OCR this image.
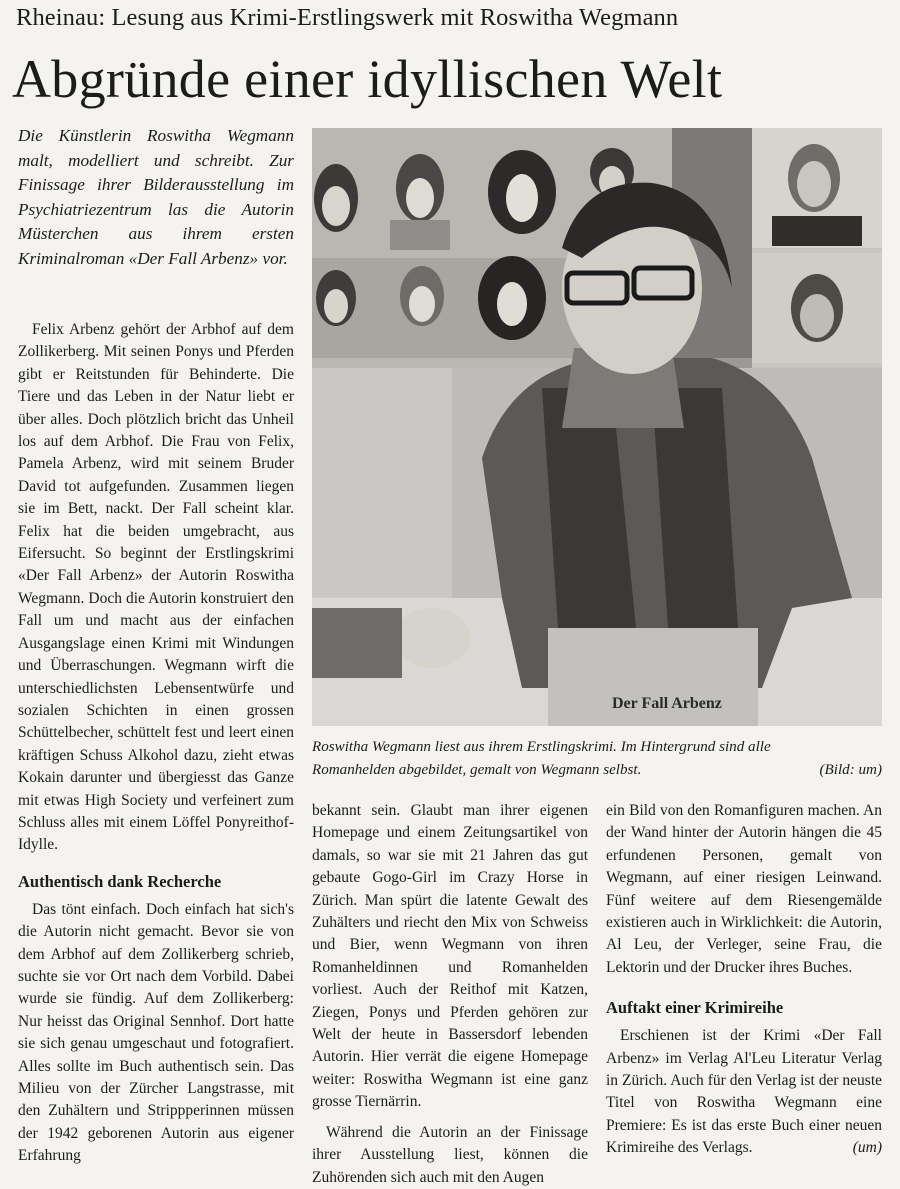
Rheinau: Lesung aus Krimi-Erstlingswerk mit Roswitha Wegmann
Abgründe einer idyllischen Welt

Die Künstlerin Roswitha Wegmann malt, modelliert und schreibt. Zur Finissage ihrer Bilderausstellung im Psychiatriezentrum las die Autorin Müsterchen aus ihrem ersten Kriminalroman «Der Fall Arbenz» vor.

Der Fall Arbenz
Roswitha Wegmann liest aus ihrem Erstlingskrimi. Im Hintergrund sind alle
Romanhelden abgebildet, gemalt von Wegmann selbst.	(Bild: um)

Felix Arbenz gehört der Arbhof auf dem Zollikerberg. Mit seinen Ponys und Pferden gibt er Reitstunden für Behinderte. Die Tiere und das Leben in der Natur liebt er über alles. Doch plötzlich bricht das Unheil los auf dem Arbhof. Die Frau von Felix, Pamela Arbenz, wird mit seinem Bruder David tot aufgefunden. Zusammen liegen sie im Bett, nackt. Der Fall scheint klar. Felix hat die beiden umgebracht, aus Eifersucht. So beginnt der Erstlingskrimi «Der Fall Arbenz» der Autorin Roswitha Wegmann. Doch die Autorin konstruiert den Fall um und macht aus der einfachen Ausgangslage einen Krimi mit Windungen und Überraschungen. Wegmann wirft die unterschiedlichsten Lebensentwürfe und sozialen Schichten in einen grossen Schüttelbecher, schüttelt fest und leert einen kräftigen Schuss Alkohol dazu, zieht etwas Kokain darunter und übergiesst das Ganze mit etwas High Society und verfeinert zum Schluss alles mit einem Löffel Ponyreithof-Idylle.

Authentisch dank Recherche

Das tönt einfach. Doch einfach hat sich's die Autorin nicht gemacht. Bevor sie von dem Arbhof auf dem Zollikerberg schrieb, suchte sie vor Ort nach dem Vorbild. Dabei wurde sie fündig. Auf dem Zollikerberg: Nur heisst das Original Sennhof. Dort hatte sie sich genau umgeschaut und fotografiert. Alles sollte im Buch authentisch sein. Das Milieu von der Zürcher Langstrasse, mit den Zuhältern und Strippperinnen müssen der 1942 geborenen Autorin aus eigener Erfahrung

bekannt sein. Glaubt man ihrer eigenen Homepage und einem Zeitungsartikel von damals, so war sie mit 21 Jahren das gut gebaute Gogo-Girl im Crazy Horse in Zürich. Man spürt die latente Gewalt des Zuhälters und riecht den Mix von Schweiss und Bier, wenn Wegmann von ihren Romanheldinnen und Romanhelden vorliest. Auch der Reithof mit Katzen, Ziegen, Ponys und Pferden gehören zur Welt der heute in Bassersdorf lebenden Autorin. Hier verrät die eigene Homepage weiter: Roswitha Wegmann ist eine ganz grosse Tiernärrin.

Während die Autorin an der Finissage ihrer Ausstellung liest, können die Zuhörenden sich auch mit den Augen

ein Bild von den Romanfiguren machen. An der Wand hinter der Autorin hängen die 45 erfundenen Personen, gemalt von Wegmann, auf einer riesigen Leinwand. Fünf weitere auf dem Riesengemälde existieren auch in Wirklichkeit: die Autorin, Al Leu, der Verleger, seine Frau, die Lektorin und der Drucker ihres Buches.

Auftakt einer Krimireihe

Erschienen ist der Krimi «Der Fall Arbenz» im Verlag Al'Leu Literatur Verlag in Zürich. Auch für den Verlag ist der neuste Titel von Roswitha Wegmann eine Premiere: Es ist das erste Buch einer neuen Krimireihe des Verlags.	(um)
